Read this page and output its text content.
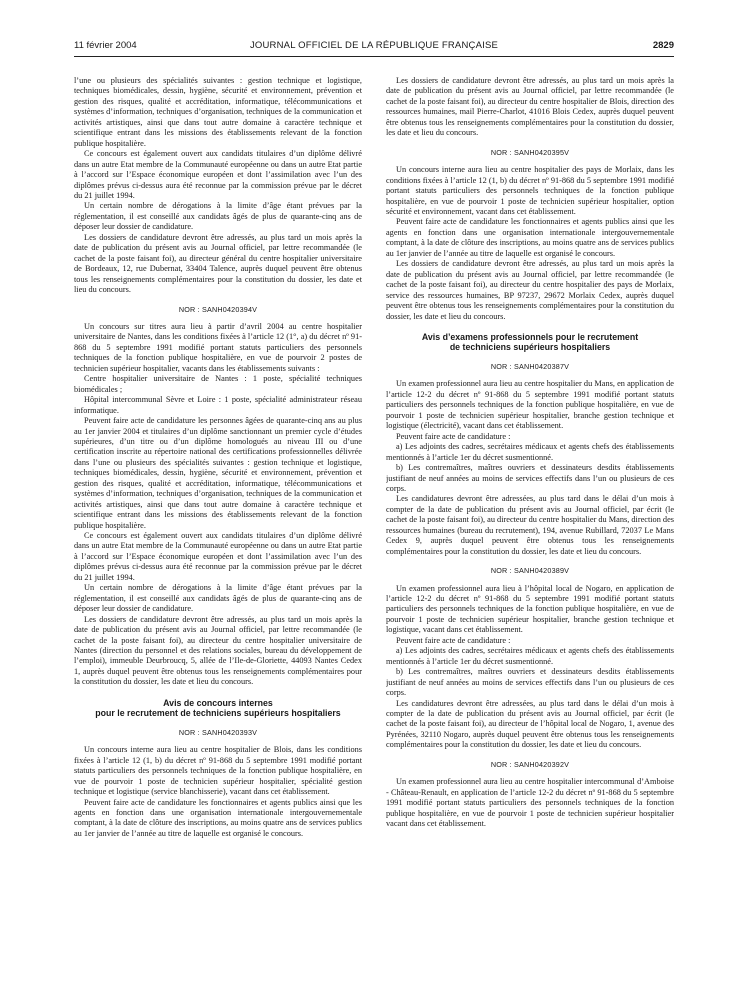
11 février 2004	JOURNAL OFFICIEL DE LA RÉPUBLIQUE FRANÇAISE	2829

l’une ou plusieurs des spécialités suivantes : gestion technique et logistique, techniques biomédicales, dessin, hygiène, sécurité et environnement, prévention et gestion des risques, qualité et accréditation, informatique, télécommunications et systèmes d’information, techniques d’organisation, techniques de la communication et activités artistiques, ainsi que dans tout autre domaine à caractère technique et scientifique entrant dans les missions des établissements relevant de la fonction publique hospitalière.

Ce concours est également ouvert aux candidats titulaires d’un diplôme délivré dans un autre Etat membre de la Communauté européenne ou dans un autre Etat partie à l’accord sur l’Espace économique européen et dont l’assimilation avec l’un des diplômes prévus ci-dessus aura été reconnue par la commission prévue par le décret du 21 juillet 1994.

Un certain nombre de dérogations à la limite d’âge étant prévues par la réglementation, il est conseillé aux candidats âgés de plus de quarante-cinq ans de déposer leur dossier de candidature.

Les dossiers de candidature devront être adressés, au plus tard un mois après la date de publication du présent avis au Journal officiel, par lettre recommandée (le cachet de la poste faisant foi), au directeur général du centre hospitalier universitaire de Bordeaux, 12, rue Dubernat, 33404 Talence, auprès duquel peuvent être obtenus tous les renseignements complémentaires pour la constitution du dossier, les date et lieu du concours.

NOR : SANH0420394V

Un concours sur titres aura lieu à partir d’avril 2004 au centre hospitalier universitaire de Nantes, dans les conditions fixées à l’article 12 (1°, a) du décret nº 91-868 du 5 septembre 1991 modifié portant statuts particuliers des personnels techniques de la fonction publique hospitalière, en vue de pourvoir 2 postes de technicien supérieur hospitalier, vacants dans les établissements suivants :

Centre hospitalier universitaire de Nantes : 1 poste, spécialité techniques biomédicales ;

Hôpital intercommunal Sèvre et Loire : 1 poste, spécialité administrateur réseau informatique.

Peuvent faire acte de candidature les personnes âgées de quarante-cinq ans au plus au 1er janvier 2004 et titulaires d’un diplôme sanctionnant un premier cycle d’études supérieures, d’un titre ou d’un diplôme homologués au niveau III ou d’une certification inscrite au répertoire national des certifications professionnelles délivrée dans l’une ou plusieurs des spécialités suivantes : gestion technique et logistique, techniques biomédicales, dessin, hygiène, sécurité et environnement, prévention et gestion des risques, qualité et accréditation, informatique, télécommunications et systèmes d’information, techniques d’organisation, techniques de la communication et activités artistiques, ainsi que dans tout autre domaine à caractère technique et scientifique entrant dans les missions des établissements relevant de la fonction publique hospitalière.

Ce concours est également ouvert aux candidats titulaires d’un diplôme délivré dans un autre Etat membre de la Communauté européenne ou dans un autre Etat partie à l’accord sur l’Espace économique européen et dont l’assimilation avec l’un des diplômes prévus ci-dessus aura été reconnue par la commission prévue par le décret du 21 juillet 1994.

Un certain nombre de dérogations à la limite d’âge étant prévues par la réglementation, il est conseillé aux candidats âgés de plus de quarante-cinq ans de déposer leur dossier de candidature.

Les dossiers de candidature devront être adressés, au plus tard un mois après la date de publication du présent avis au Journal officiel, par lettre recommandée (le cachet de la poste faisant foi), au directeur du centre hospitalier universitaire de Nantes (direction du personnel et des relations sociales, bureau du développement de l’emploi), immeuble Deurbroucq, 5, allée de l’Ile-de-Gloriette, 44093 Nantes Cedex 1, auprès duquel peuvent être obtenus tous les renseignements complémentaires pour la constitution du dossier, les date et lieu du concours.

Avis de concours internes
pour le recrutement de techniciens supérieurs hospitaliers
NOR : SANH0420393V

Un concours interne aura lieu au centre hospitalier de Blois, dans les conditions fixées à l’article 12 (1, b) du décret nº 91-868 du 5 septembre 1991 modifié portant statuts particuliers des personnels techniques de la fonction publique hospitalière, en vue de pourvoir 1 poste de technicien supérieur hospitalier, spécialité gestion technique et logistique (service blanchisserie), vacant dans cet établissement.

Peuvent faire acte de candidature les fonctionnaires et agents publics ainsi que les agents en fonction dans une organisation internationale intergouvernementale comptant, à la date de clôture des inscriptions, au moins quatre ans de services publics au 1er janvier de l’année au titre de laquelle est organisé le concours.

Les dossiers de candidature devront être adressés, au plus tard un mois après la date de publication du présent avis au Journal officiel, par lettre recommandée (le cachet de la poste faisant foi), au directeur du centre hospitalier de Blois, direction des ressources humaines, mail Pierre-Charlot, 41016 Blois Cedex, auprès duquel peuvent être obtenus tous les renseignements complémentaires pour la constitution du dossier, les date et lieu du concours.

NOR : SANH0420395V

Un concours interne aura lieu au centre hospitalier des pays de Morlaix, dans les conditions fixées à l’article 12 (1, b) du décret nº 91-868 du 5 septembre 1991 modifié portant statuts particuliers des personnels techniques de la fonction publique hospitalière, en vue de pourvoir 1 poste de technicien supérieur hospitalier, option sécurité et environnement, vacant dans cet établissement.

Peuvent faire acte de candidature les fonctionnaires et agents publics ainsi que les agents en fonction dans une organisation internationale intergouvernementale comptant, à la date de clôture des inscriptions, au moins quatre ans de services publics au 1er janvier de l’année au titre de laquelle est organisé le concours.

Les dossiers de candidature devront être adressés, au plus tard un mois après la date de publication du présent avis au Journal officiel, par lettre recommandée (le cachet de la poste faisant foi), au directeur du centre hospitalier des pays de Morlaix, service des ressources humaines, BP 97237, 29672 Morlaix Cedex, auprès duquel peuvent être obtenus tous les renseignements complémentaires pour la constitution du dossier, les date et lieu du concours.

Avis d’examens professionnels pour le recrutement
de techniciens supérieurs hospitaliers
NOR : SANH0420387V

Un examen professionnel aura lieu au centre hospitalier du Mans, en application de l’article 12-2 du décret nº 91-868 du 5 septembre 1991 modifié portant statuts particuliers des personnels techniques de la fonction publique hospitalière, en vue de pourvoir 1 poste de technicien supérieur hospitalier, branche gestion technique et logistique (électricité), vacant dans cet établissement.

Peuvent faire acte de candidature :

a) Les adjoints des cadres, secrétaires médicaux et agents chefs des établissements mentionnés à l’article 1er du décret susmentionné.

b) Les contremaîtres, maîtres ouvriers et dessinateurs desdits établissements justifiant de neuf années au moins de services effectifs dans l’un ou plusieurs de ces corps.

Les candidatures devront être adressées, au plus tard dans le délai d’un mois à compter de la date de publication du présent avis au Journal officiel, par écrit (le cachet de la poste faisant foi), au directeur du centre hospitalier du Mans, direction des ressources humaines (bureau du recrutement), 194, avenue Rubillard, 72037 Le Mans Cedex 9, auprès duquel peuvent être obtenus tous les renseignements complémentaires pour la constitution du dossier, les date et lieu du concours.

NOR : SANH0420389V

Un examen professionnel aura lieu à l’hôpital local de Nogaro, en application de l’article 12-2 du décret nº 91-868 du 5 septembre 1991 modifié portant statuts particuliers des personnels techniques de la fonction publique hospitalière, en vue de pourvoir 1 poste de technicien supérieur hospitalier, branche gestion technique et logistique, vacant dans cet établissement.

Peuvent faire acte de candidature :

a) Les adjoints des cadres, secrétaires médicaux et agents chefs des établissements mentionnés à l’article 1er du décret susmentionné.

b) Les contremaîtres, maîtres ouvriers et dessinateurs desdits établissements justifiant de neuf années au moins de services effectifs dans l’un ou plusieurs de ces corps.

Les candidatures devront être adressées, au plus tard dans le délai d’un mois à compter de la date de publication du présent avis au Journal officiel, par écrit (le cachet de la poste faisant foi), au directeur de l’hôpital local de Nogaro, 1, avenue des Pyrénées, 32110 Nogaro, auprès duquel peuvent être obtenus tous les renseignements complémentaires pour la constitution du dossier, les date et lieu du concours.

NOR : SANH0420392V

Un examen professionnel aura lieu au centre hospitalier intercommunal d’Amboise - Château-Renault, en application de l’article 12-2 du décret nº 91-868 du 5 septembre 1991 modifié portant statuts particuliers des personnels techniques de la fonction publique hospitalière, en vue de pourvoir 1 poste de technicien supérieur hospitalier vacant dans cet établissement.
